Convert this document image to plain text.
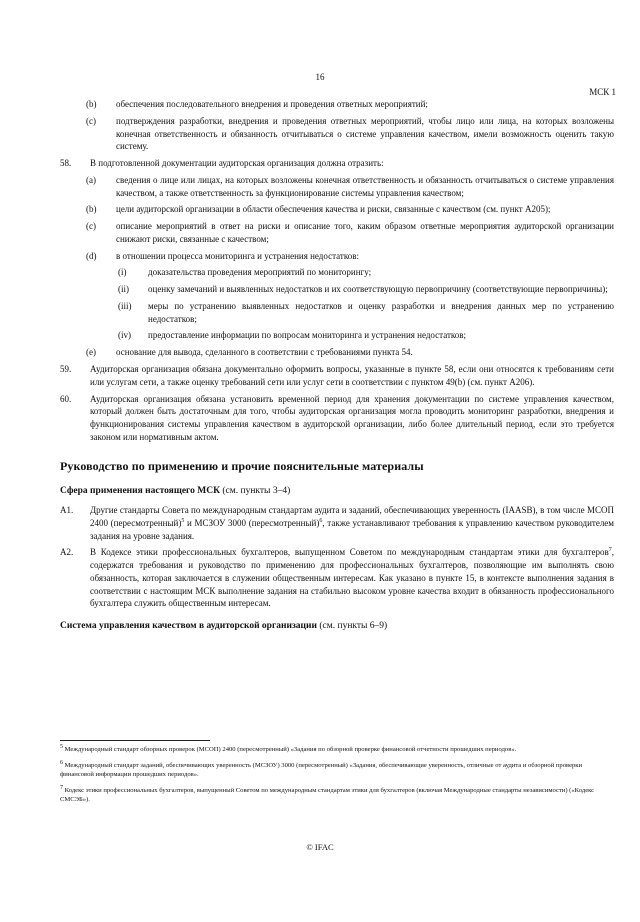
16
МСК 1
(b)	обеспечения последовательного внедрения и проведения ответных мероприятий;
(c)	подтверждения разработки, внедрения и проведения ответных мероприятий, чтобы лицо или лица, на которых возложены конечная ответственность и обязанность отчитываться о системе управления качеством, имели возможность оценить такую систему.
58.	В подготовленной документации аудиторская организация должна отразить:
(a)	сведения о лице или лицах, на которых возложены конечная ответственность и обязанность отчитываться о системе управления качеством, а также ответственность за функционирование системы управления качеством;
(b)	цели аудиторской организации в области обеспечения качества и риски, связанные с качеством (см. пункт A205);
(c)	описание мероприятий в ответ на риски и описание того, каким образом ответные мероприятия аудиторской организации снижают риски, связанные с качеством;
(d)	в отношении процесса мониторинга и устранения недостатков:
(i)	доказательства проведения мероприятий по мониторингу;
(ii)	оценку замечаний и выявленных недостатков и их соответствующую первопричину (соответствующие первопричины);
(iii)	меры по устранению выявленных недостатков и оценку разработки и внедрения данных мер по устранению недостатков;
(iv)	предоставление информации по вопросам мониторинга и устранения недостатков;
(e)	основание для вывода, сделанного в соответствии с требованиями пункта 54.
59.	Аудиторская организация обязана документально оформить вопросы, указанные в пункте 58, если они относятся к требованиям сети или услугам сети, а также оценку требований сети или услуг сети в соответствии с пунктом 49(b) (см. пункт A206).
60.	Аудиторская организация обязана установить временной период для хранения документации по системе управления качеством, который должен быть достаточным для того, чтобы аудиторская организация могла проводить мониторинг разработки, внедрения и функционирования системы управления качеством в аудиторской организации, либо более длительный период, если это требуется законом или нормативным актом.
Руководство по применению и прочие пояснительные материалы
Сфера применения настоящего МСК (см. пункты 3–4)
A1.	Другие стандарты Совета по международным стандартам аудита и заданий, обеспечивающих уверенность (IAASB), в том числе МСОП 2400 (пересмотренный)$^5$ и МСЗОУ 3000 (пересмотренный)$^6$, также устанавливают требования к управлению качеством руководителем задания на уровне задания.
A2.	В Кодексе этики профессиональных бухгалтеров, выпущенном Советом по международным стандартам этики для бухгалтеров$^7$, содержатся требования и руководство по применению для профессиональных бухгалтеров, позволяющие им выполнять свою обязанность, которая заключается в служении общественным интересам. Как указано в пункте 15, в контексте выполнения задания в соответствии с настоящим МСК выполнение задания на стабильно высоком уровне качества входит в обязанность профессионального бухгалтера служить общественным интересам.
Система управления качеством в аудиторской организации (см. пункты 6–9)

$^5$ Международный стандарт обзорных проверок (МСОП) 2400 (пересмотренный) «Задания по обзорной проверке финансовой отчетности прошедших периодов».

$^6$ Международный стандарт заданий, обеспечивающих уверенность (МСЗОУ) 3000 (пересмотренный) «Задания, обеспечивающие уверенность, отличные от аудита и обзорной проверки финансовой информации прошедших периодов».

$^7$ Кодекс этики профессиональных бухгалтеров, выпущенный Советом по международным стандартам этики для бухгалтеров (включая Международные стандарты независимости) («Кодекс СМСЭБ»).

© IFAC
